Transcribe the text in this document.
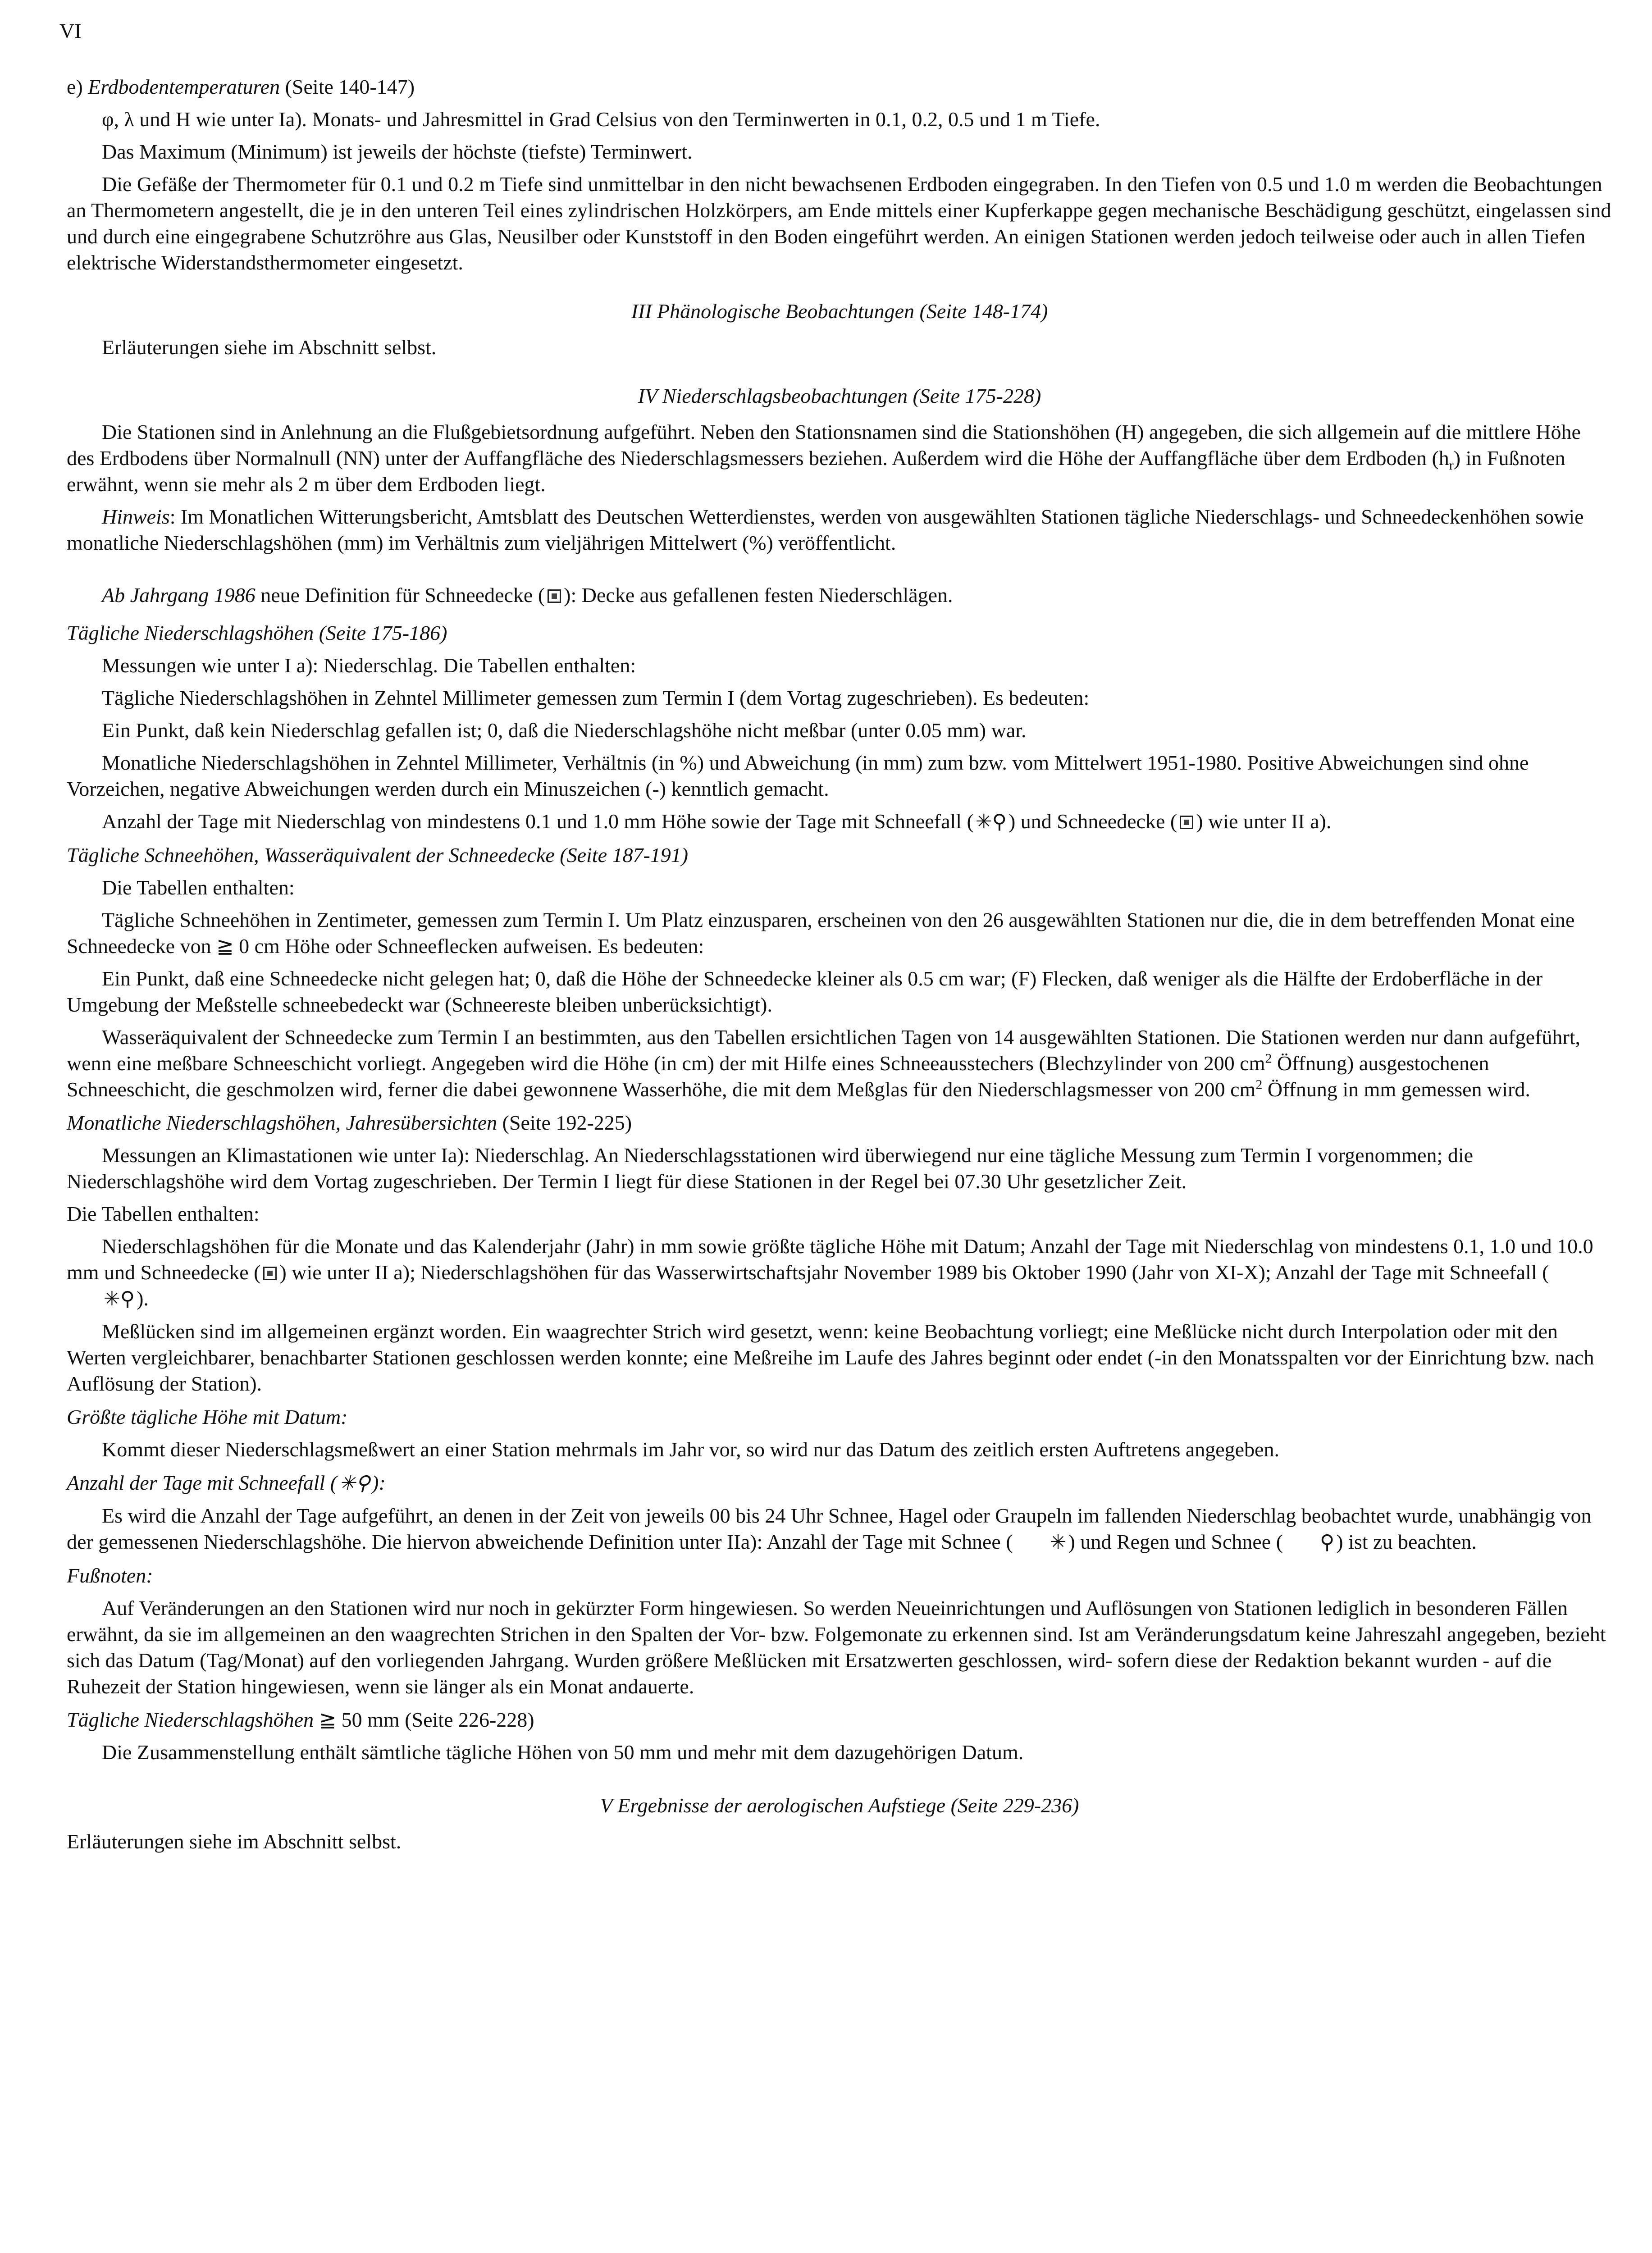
VI

e) Erdbodentemperaturen (Seite 140-147)

φ, λ und H wie unter Ia). Monats- und Jahresmittel in Grad Celsius von den Terminwerten in 0.1, 0.2, 0.5 und 1 m Tiefe.

Das Maximum (Minimum) ist jeweils der höchste (tiefste) Terminwert.

Die Gefäße der Thermometer für 0.1 und 0.2 m Tiefe sind unmittelbar in den nicht bewachsenen Erdboden eingegraben. In den Tiefen von 0.5 und 1.0 m werden die Beobachtungen an Thermometern angestellt, die je in den unteren Teil eines zylindrischen Holzkörpers, am Ende mittels einer Kupferkappe gegen mechanische Beschädigung geschützt, eingelassen sind und durch eine eingegrabene Schutzröhre aus Glas, Neusilber oder Kunststoff in den Boden eingeführt werden. An einigen Stationen werden jedoch teilweise oder auch in allen Tiefen elektrische Widerstandsthermometer eingesetzt.

III Phänologische Beobachtungen (Seite 148-174)

Erläuterungen siehe im Abschnitt selbst.

IV Niederschlagsbeobachtungen (Seite 175-228)

Die Stationen sind in Anlehnung an die Flußgebietsordnung aufgeführt. Neben den Stationsnamen sind die Stationshöhen (H) angegeben, die sich allgemein auf die mittlere Höhe des Erdbodens über Normalnull (NN) unter der Auffangfläche des Niederschlagsmessers beziehen. Außerdem wird die Höhe der Auffangfläche über dem Erdboden $(h_r)$ in Fußnoten erwähnt, wenn sie mehr als 2 m über dem Erdboden liegt.

Hinweis: Im Monatlichen Witterungsbericht, Amtsblatt des Deutschen Wetterdienstes, werden von ausgewählten Stationen tägliche Niederschlags- und Schneedeckenhöhen sowie monatliche Niederschlagshöhen (mm) im Verhältnis zum vieljährigen Mittelwert (%) veröffentlicht.

Ab Jahrgang 1986 neue Definition für Schneedecke ( ): Decke aus gefallenen festen Niederschlägen.

Tägliche Niederschlagshöhen (Seite 175-186)

Messungen wie unter I a): Niederschlag. Die Tabellen enthalten:

Tägliche Niederschlagshöhen in Zehntel Millimeter gemessen zum Termin I (dem Vortag zugeschrieben). Es bedeuten:

Ein Punkt, daß kein Niederschlag gefallen ist; 0, daß die Niederschlagshöhe nicht meßbar (unter 0.05 mm) war.

Monatliche Niederschlagshöhen in Zehntel Millimeter, Verhältnis (in %) und Abweichung (in mm) zum bzw. vom Mittelwert 1951-1980. Positive Abweichungen sind ohne Vorzeichen, negative Abweichungen werden durch ein Minuszeichen (-) kenntlich gemacht.

Anzahl der Tage mit Niederschlag von mindestens 0.1 und 1.0 mm Höhe sowie der Tage mit Schneefall (✳︎⚲) und Schneedecke ( ) wie unter II a).

Tägliche Schneehöhen, Wasseräquivalent der Schneedecke (Seite 187-191)

Die Tabellen enthalten:

Tägliche Schneehöhen in Zentimeter, gemessen zum Termin I. Um Platz einzusparen, erscheinen von den 26 ausgewählten Stationen nur die, die in dem betreffenden Monat eine Schneedecke von ≧ 0 cm Höhe oder Schneeflecken aufweisen. Es bedeuten:

Ein Punkt, daß eine Schneedecke nicht gelegen hat; 0, daß die Höhe der Schneedecke kleiner als 0.5 cm war; (F) Flecken, daß weniger als die Hälfte der Erdoberfläche in der Umgebung der Meßstelle schneebedeckt war (Schneereste bleiben unberücksichtigt).

Wasseräquivalent der Schneedecke zum Termin I an bestimmten, aus den Tabellen ersichtlichen Tagen von 14 ausgewählten Stationen. Die Stationen werden nur dann aufgeführt, wenn eine meßbare Schneeschicht vorliegt. Angegeben wird die Höhe (in cm) der mit Hilfe eines Schneeausstechers (Blechzylinder von 200 $cm^2$ Öffnung) ausgestochenen Schneeschicht, die geschmolzen wird, ferner die dabei gewonnene Wasserhöhe, die mit dem Meßglas für den Niederschlagsmesser von 200 $cm^2$ Öffnung in mm gemessen wird.

Monatliche Niederschlagshöhen, Jahresübersichten (Seite 192-225)

Messungen an Klimastationen wie unter Ia): Niederschlag. An Niederschlagsstationen wird überwiegend nur eine tägliche Messung zum Termin I vorgenommen; die Niederschlagshöhe wird dem Vortag zugeschrieben. Der Termin I liegt für diese Stationen in der Regel bei 07.30 Uhr gesetzlicher Zeit.

Die Tabellen enthalten:

Niederschlagshöhen für die Monate und das Kalenderjahr (Jahr) in mm sowie größte tägliche Höhe mit Datum; Anzahl der Tage mit Niederschlag von mindestens 0.1, 1.0 und 10.0 mm und Schneedecke ( ) wie unter II a); Niederschlagshöhen für das Wasserwirtschaftsjahr November 1989 bis Oktober 1990 (Jahr von XI-X); Anzahl der Tage mit Schneefall (✳︎⚲).

Meßlücken sind im allgemeinen ergänzt worden. Ein waagrechter Strich wird gesetzt, wenn: keine Beobachtung vorliegt; eine Meßlücke nicht durch Interpolation oder mit den Werten vergleichbarer, benachbarter Stationen geschlossen werden konnte; eine Meßreihe im Laufe des Jahres beginnt oder endet (-in den Monatsspalten vor der Einrichtung bzw. nach Auflösung der Station).

Größte tägliche Höhe mit Datum:

Kommt dieser Niederschlagsmeßwert an einer Station mehrmals im Jahr vor, so wird nur das Datum des zeitlich ersten Auftretens angegeben.

Anzahl der Tage mit Schneefall (✳︎⚲):

Es wird die Anzahl der Tage aufgeführt, an denen in der Zeit von jeweils 00 bis 24 Uhr Schnee, Hagel oder Graupeln im fallenden Niederschlag beobachtet wurde, unabhängig von der gemessenen Niederschlagshöhe. Die hiervon abweichende Definition unter IIa): Anzahl der Tage mit Schnee ( ✳︎) und Regen und Schnee ( ⚲) ist zu beachten.

Fußnoten:

Auf Veränderungen an den Stationen wird nur noch in gekürzter Form hingewiesen. So werden Neueinrichtungen und Auflösungen von Stationen lediglich in besonderen Fällen erwähnt, da sie im allgemeinen an den waagrechten Strichen in den Spalten der Vor- bzw. Folgemonate zu erkennen sind. Ist am Veränderungsdatum keine Jahreszahl angegeben, bezieht sich das Datum (Tag/Monat) auf den vorliegenden Jahrgang. Wurden größere Meßlücken mit Ersatzwerten geschlossen, wird- sofern diese der Redaktion bekannt wurden - auf die Ruhezeit der Station hingewiesen, wenn sie länger als ein Monat andauerte.

Tägliche Niederschlagshöhen ≧ 50 mm (Seite 226-228)

Die Zusammenstellung enthält sämtliche tägliche Höhen von 50 mm und mehr mit dem dazugehörigen Datum.

V Ergebnisse der aerologischen Aufstiege (Seite 229-236)

Erläuterungen siehe im Abschnitt selbst.
